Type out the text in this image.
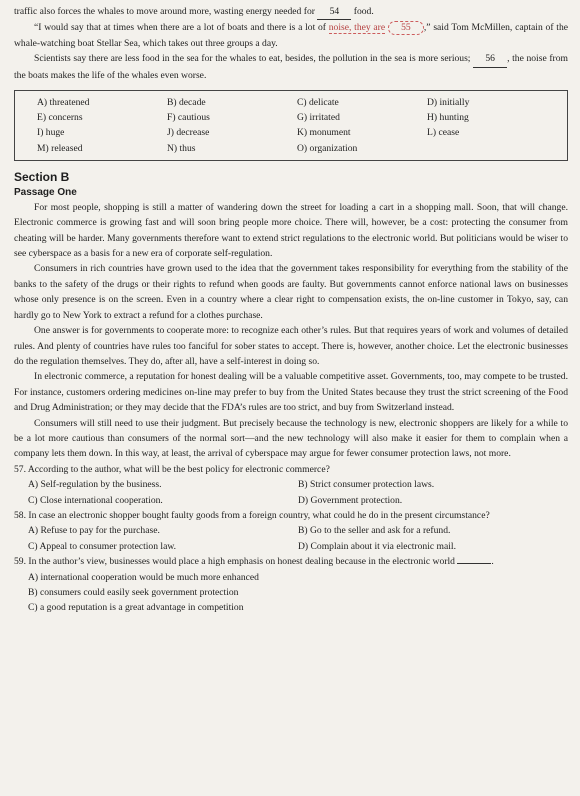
traffic also forces the whales to move around more, wasting energy needed for 54 food.

“I would say that at times when there are a lot of boats and there is a lot of noise, they are 55 ,” said Tom McMillen, captain of the whale-watching boat Stellar Sea, which takes out three groups a day.

Scientists say there are less food in the sea for the whales to eat, besides, the pollution in the sea is more serious; 56 , the noise from the boats makes the life of the whales even worse.

A) threatened	B) decade	C) delicate	D) initially
E) concerns	F) cautious	G) irritated	H) hunting
I) huge	J) decrease	K) monument	L) cease
M) released	N) thus	O) organization
Section B
Passage One

For most people, shopping is still a matter of wandering down the street for loading a cart in a shopping mall. Soon, that will change. Electronic commerce is growing fast and will soon bring people more choice. There will, however, be a cost: protecting the consumer from cheating will be harder. Many governments therefore want to extend strict regulations to the electronic world. But politicians would be wiser to see cyberspace as a basis for a new era of corporate self-regulation.

Consumers in rich countries have grown used to the idea that the government takes responsibility for everything from the stability of the banks to the safety of the drugs or their rights to refund when goods are faulty. But governments cannot enforce national laws on businesses whose only presence is on the screen. Even in a country where a clear right to compensation exists, the on-line customer in Tokyo, say, can hardly go to New York to extract a refund for a clothes purchase.

One answer is for governments to cooperate more: to recognize each other’s rules. But that requires years of work and volumes of detailed rules. And plenty of countries have rules too fanciful for sober states to accept. There is, however, another choice. Let the electronic businesses do the regulation themselves. They do, after all, have a self-interest in doing so.

In electronic commerce, a reputation for honest dealing will be a valuable competitive asset. Governments, too, may compete to be trusted. For instance, customers ordering medicines on-line may prefer to buy from the United States because they trust the strict screening of the Food and Drug Administration; or they may decide that the FDA’s rules are too strict, and buy from Switzerland instead.

Consumers will still need to use their judgment. But precisely because the technology is new, electronic shoppers are likely for a while to be a lot more cautious than consumers of the normal sort—and the new technology will also make it easier for them to complain when a company lets them down. In this way, at least, the arrival of cyberspace may argue for fewer consumer protection laws, not more.

57. According to the author, what will be the best policy for electronic commerce?
A) Self-regulation by the business.	B) Strict consumer protection laws.
C) Close international cooperation.	D) Government protection.
58. In case an electronic shopper bought faulty goods from a foreign country, what could he do in the present circumstance?
A) Refuse to pay for the purchase.	B) Go to the seller and ask for a refund.
C) Appeal to consumer protection law.	D) Complain about it via electronic mail.
59. In the author’s view, businesses would place a high emphasis on honest dealing because in the electronic world	.
A) international cooperation would be much more enhanced
B) consumers could easily seek government protection
C) a good reputation is a great advantage in competition
